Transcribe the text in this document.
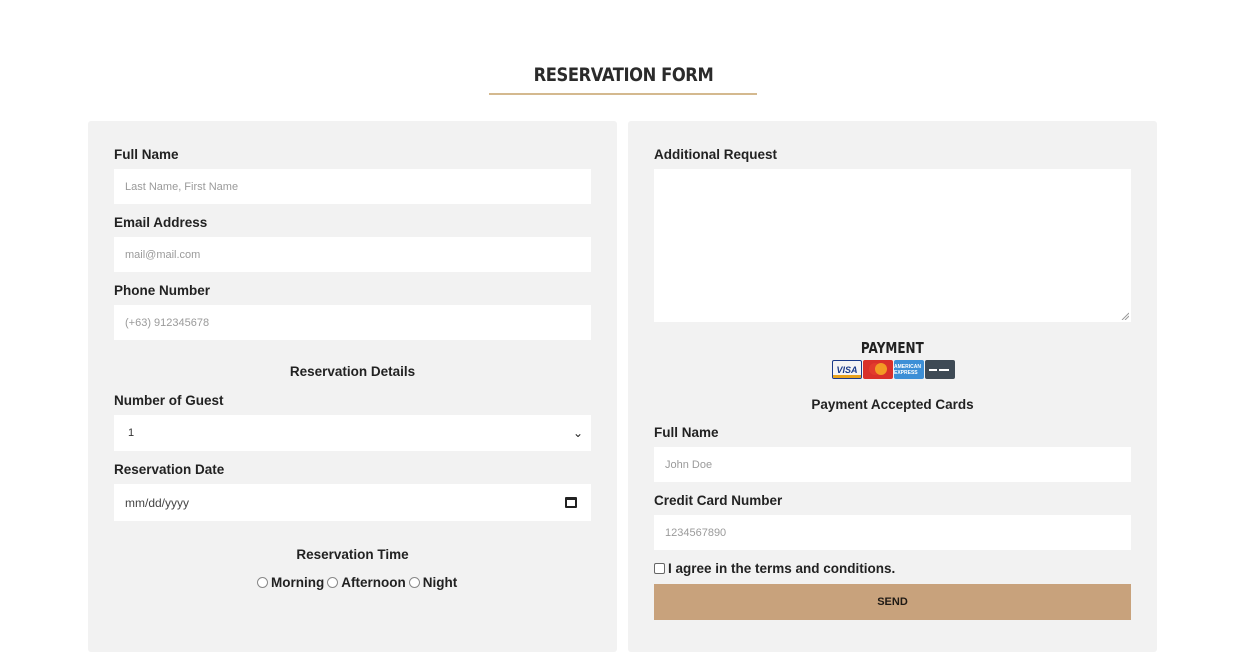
RESERVATION FORM
Full Name
Last Name, First Name
Email Address
mail@mail.com
Phone Number
(+63) 912345678
Reservation Details
Number of Guest
1	⌄
Reservation Date
mm/dd/yyyy
Reservation Time
Morning Afternoon Night
Additional Request
PAYMENT
VISA	AMERICAN EXPRESS
Payment Accepted Cards
Full Name
John Doe
Credit Card Number
1234567890
I agree in the terms and conditions.
SEND
